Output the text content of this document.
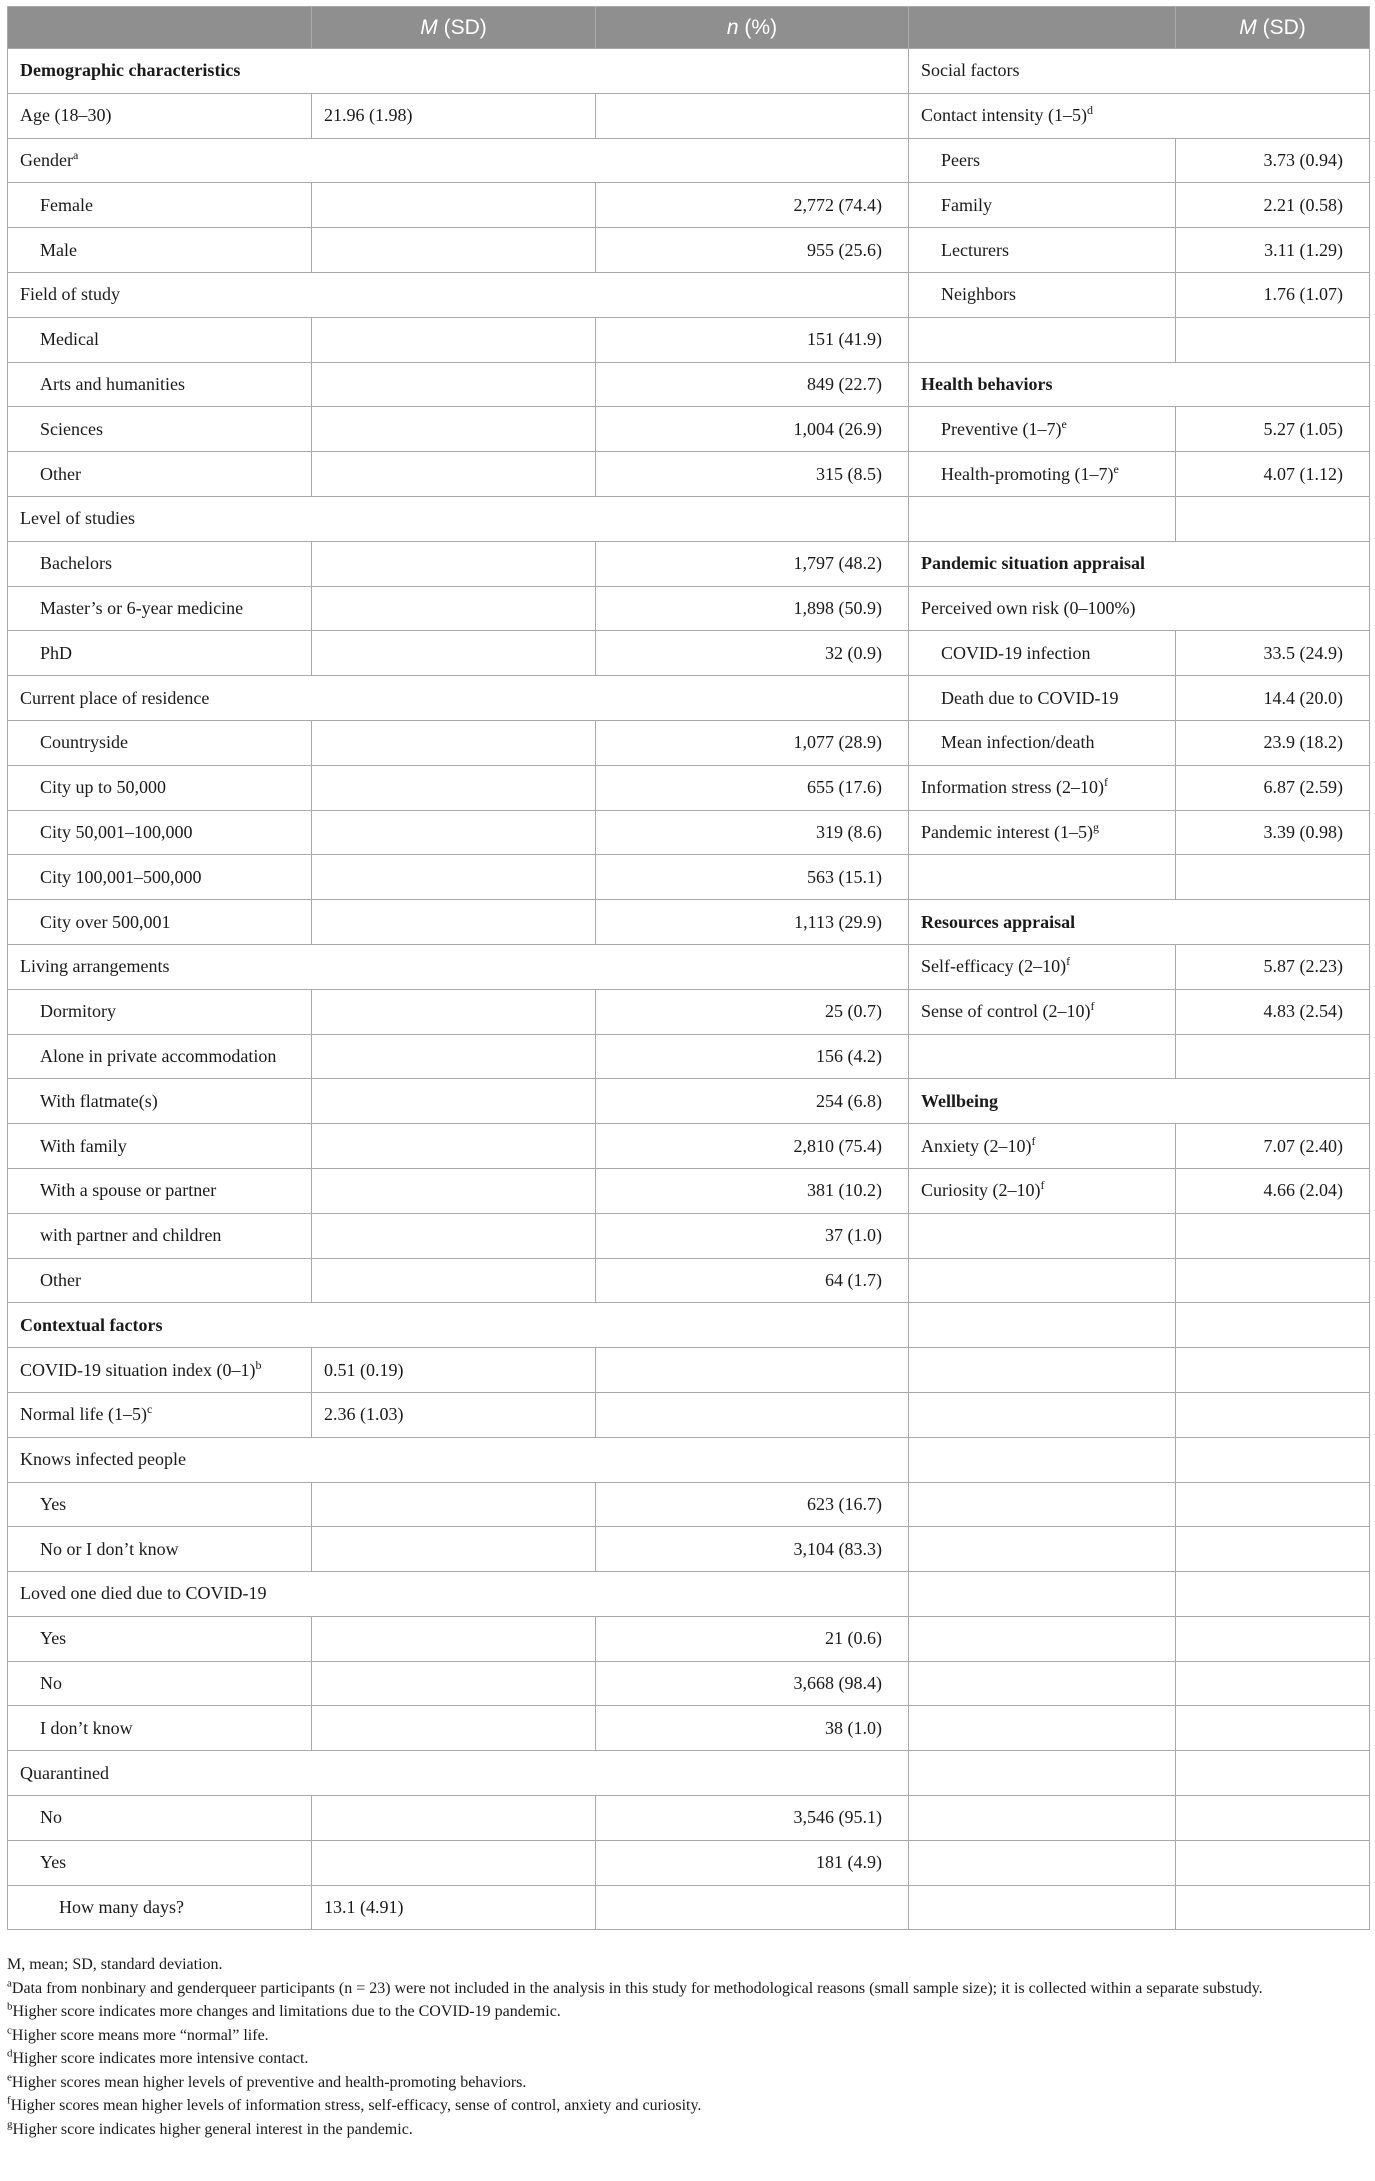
	M (SD)	n (%)		M (SD)
Demographic characteristics			Social factors	
Age (18–30)	21.96 (1.98)		Contact intensity $(1-5)^d$
Gender$^a$			Peers	3.73 (0.94)
Female		2,772 (74.4)	Family	2.21 (0.58)
Male		955 (25.6)	Lecturers	3.11 (1.29)
Field of study			Neighbors	1.76 (1.07)
Medical		151 (41.9)		
Arts and humanities		849 (22.7)	Health behaviors	
Sciences		1,004 (26.9)	Preventive $(1-7)^e$	5.27 (1.05)
Other		315 (8.5)	Health-promoting $(1-7)^e$	4.07 (1.12)
Level of studies				
Bachelors		1,797 (48.2)	Pandemic situation appraisal	
Master’s or 6-year medicine		1,898 (50.9)	Perceived own risk (0–100%)	
PhD		32 (0.9)	COVID-19 infection	33.5 (24.9)
Current place of residence			Death due to COVID-19	14.4 (20.0)
Countryside		1,077 (28.9)	Mean infection/death	23.9 (18.2)
City up to 50,000		655 (17.6)	Information stress $(2-10)^f$	6.87 (2.59)
City 50,001–100,000		319 (8.6)	Pandemic interest $(1-5)^g$	3.39 (0.98)
City 100,001–500,000		563 (15.1)		
City over 500,001		1,113 (29.9)	Resources appraisal	
Living arrangements			Self-efficacy $(2-10)^f$	5.87 (2.23)
Dormitory		25 (0.7)	Sense of control $(2-10)^f$	4.83 (2.54)
Alone in private accommodation		156 (4.2)		
With flatmate(s)		254 (6.8)	Wellbeing	
With family		2,810 (75.4)	Anxiety $(2-10)^f$	7.07 (2.40)
With a spouse or partner		381 (10.2)	Curiosity $(2-10)^f$	4.66 (2.04)
with partner and children		37 (1.0)		
Other		64 (1.7)		
Contextual factors				
COVID-19 situation index $(0-1)^b$	0.51 (0.19)			
Normal life $(1-5)^c$	2.36 (1.03)			
Knows infected people				
Yes		623 (16.7)		
No or I don’t know		3,104 (83.3)		
Loved one died due to COVID-19				
Yes		21 (0.6)		
No		3,668 (98.4)		
I don’t know		38 (1.0)		
Quarantined				
No		3,546 (95.1)		
Yes		181 (4.9)		
How many days?	13.1 (4.91)			

M, mean; SD, standard deviation.

$^a$Data from nonbinary and genderqueer participants (n = 23) were not included in the analysis in this study for methodological reasons (small sample size); it is collected within a separate substudy.

$^b$Higher score indicates more changes and limitations due to the COVID-19 pandemic.

$^c$Higher score means more “normal” life.

$^d$Higher score indicates more intensive contact.

$^e$Higher scores mean higher levels of preventive and health-promoting behaviors.

$^f$Higher scores mean higher levels of information stress, self-efficacy, sense of control, anxiety and curiosity.

$^g$Higher score indicates higher general interest in the pandemic.
